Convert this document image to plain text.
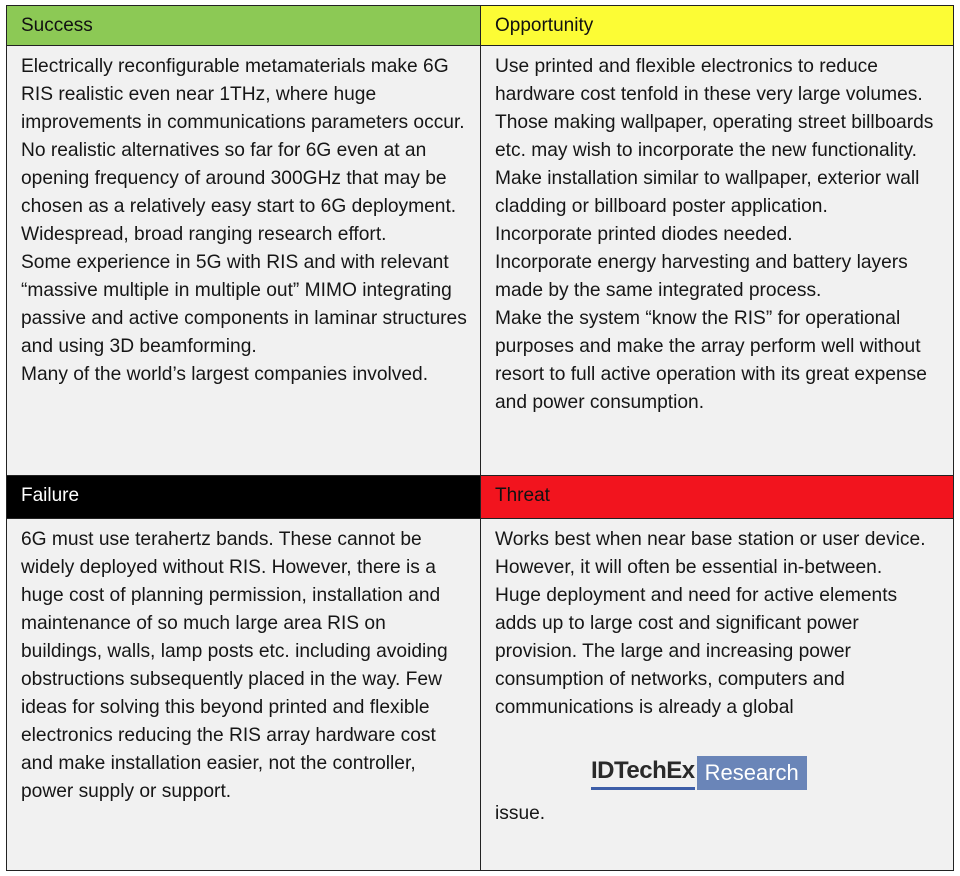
Success	Opportunity

Electrically reconfigurable metamaterials make 6G RIS realistic even near 1THz, where huge improvements in communications parameters occur. No realistic alternatives so far for 6G even at an opening frequency of around 300GHz that may be chosen as a relatively easy start to 6G deployment.

Widespread, broad ranging research effort.

Some experience in 5G with RIS and with relevant “massive multiple in multiple out” MIMO integrating passive and active components in laminar structures and using 3D beamforming.

Many of the world’s largest companies involved.

Use printed and flexible electronics to reduce hardware cost tenfold in these very large volumes. Those making wallpaper, operating street billboards etc. may wish to incorporate the new functionality. Make installation similar to wallpaper, exterior wall cladding or billboard poster application.

Incorporate printed diodes needed.

Incorporate energy harvesting and battery layers made by the same integrated process.

Make the system “know the RIS” for operational purposes and make the array perform well without resort to full active operation with its great expense and power consumption.

Failure	Threat

6G must use terahertz bands. These cannot be widely deployed without RIS. However, there is a huge cost of planning permission, installation and maintenance of so much large area RIS on buildings, walls, lamp posts etc. including avoiding obstructions subsequently placed in the way. Few ideas for solving this beyond printed and flexible electronics reducing the RIS array hardware cost and make installation easier, not the controller, power supply or support.

Works best when near base station or user device. However, it will often be essential in-between.

Huge deployment and need for active elements adds up to large cost and significant power provision. The large and increasing power consumption of networks, computers and communications is already a global

IDTechEx Research

issue.
